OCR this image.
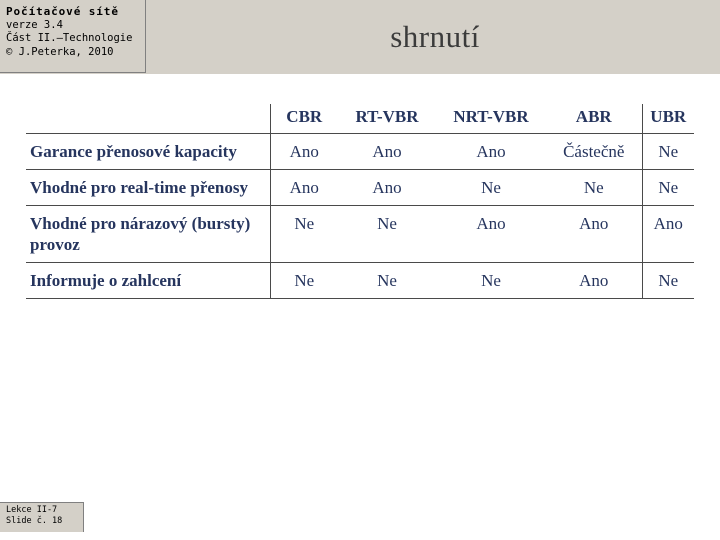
shrnutí
Počítačové sítě
verze 3.4
Část II.–Technologie
© J.Peterka, 2010
	CBR	RT-VBR	NRT-VBR	ABR	UBR
Garance přenosové kapacity	Ano	Ano	Ano	Částečně	Ne
Vhodné pro real-time přenosy	Ano	Ano	Ne	Ne	Ne
Vhodné pro nárazový (bursty) provoz	Ne	Ne	Ano	Ano	Ano
Informuje o zahlcení	Ne	Ne	Ne	Ano	Ne
Lekce II-7
Slide č. 18
